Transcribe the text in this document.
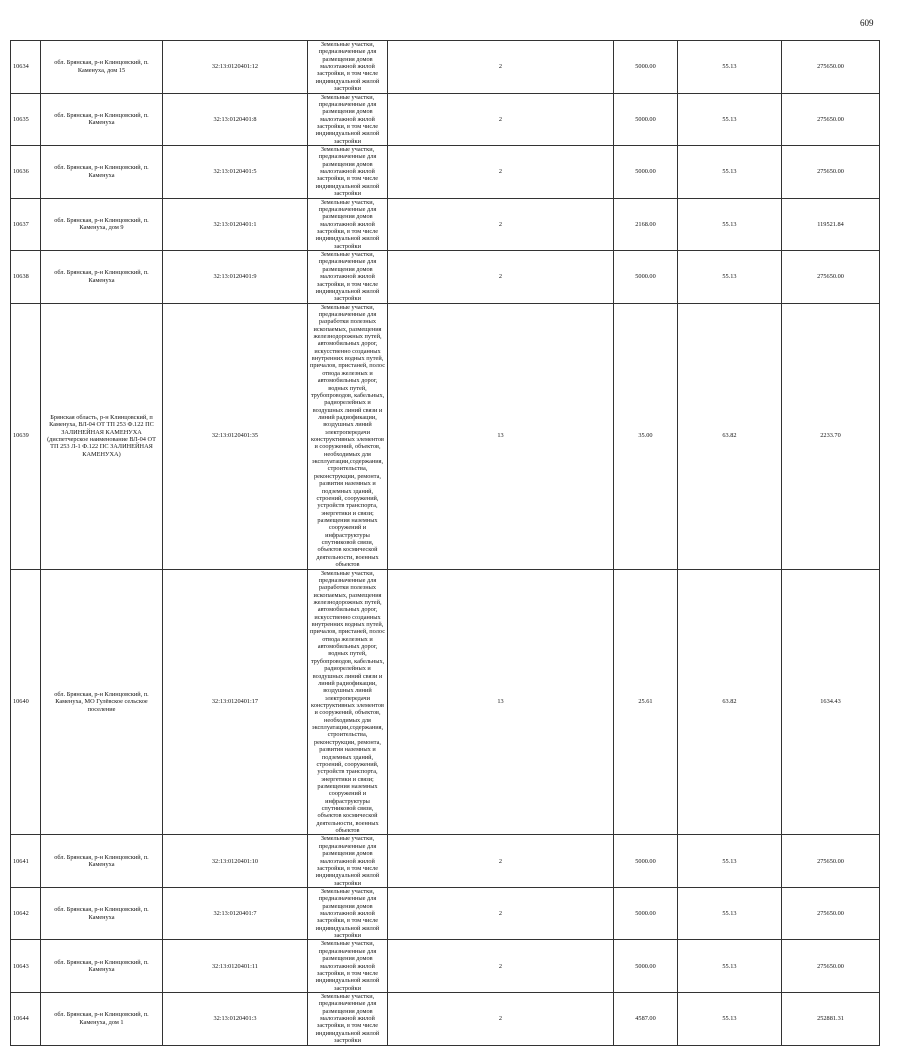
609
10634	обл. Брянская, р-н Клинцовский, п. Каменуха, дом 15	32:13:0120401:12	Земельные участки, предназначенные для размещения домов малоэтажной жилой застройки, в том числе индивидуальной жилой застройки	2	5000.00	55.13	275650.00
10635	обл. Брянская, р-н Клинцовский, п. Каменуха	32:13:0120401:8	Земельные участки, предназначенные для размещения домов малоэтажной жилой застройки, в том числе индивидуальной жилой застройки	2	5000.00	55.13	275650.00
10636	обл. Брянская, р-н Клинцовский, п. Каменуха	32:13:0120401:5	Земельные участки, предназначенные для размещения домов малоэтажной жилой застройки, в том числе индивидуальной жилой застройки	2	5000.00	55.13	275650.00
10637	обл. Брянская, р-н Клинцовский, п. Каменуха, дом 9	32:13:0120401:1	Земельные участки, предназначенные для размещения домов малоэтажной жилой застройки, в том числе индивидуальной жилой застройки	2	2168.00	55.13	119521.84
10638	обл. Брянская, р-н Клинцовский, п. Каменуха	32:13:0120401:9	Земельные участки, предназначенные для размещения домов малоэтажной жилой застройки, в том числе индивидуальной жилой застройки	2	5000.00	55.13	275650.00
10639	Брянская область, р-н Клинцовский, п Каменуха, ВЛ-04 ОТ ТП 253 Ф.122 ПС ЗАЛИНЕЙНАЯ КАМЕНУХА (диспетчерское наименование ВЛ-04 ОТ ТП 253 Л-1 Ф.122 ПС ЗАЛИНЕЙНАЯ КАМЕНУХА)	32:13:0120401:35	Земельные участки, предназначенные для разработки полезных ископаемых, размещения железнодорожных путей, автомобильных дорог, искусственно созданных внутренних водных путей, причалов, пристаней, полос отвода железных и автомобильных дорог, водных путей, трубопроводов, кабельных, радиорелейных и воздушных линий связи и линий радиофикации, воздушных линий электропередачи конструктивных элементов и сооружений, объектов, необходимых для эксплуатации,содержания, строительства, реконструкции, ремонта, развития наземных и подземных зданий, строений, сооружений, устройств транспорта, энергетики и связи; размещения наземных сооружений и инфраструктуры спутниковой связи, объектов космической деятельности, военных объектов	13	35.00	63.82	2233.70
10640	обл. Брянская, р-н Клинцовский, п. Каменуха, МО Гулёвское сельское поселение	32:13:0120401:17	Земельные участки, предназначенные для разработки полезных ископаемых, размещения железнодорожных путей, автомобильных дорог, искусственно созданных внутренних водных путей, причалов, пристаней, полос отвода железных и автомобильных дорог, водных путей, трубопроводов, кабельных, радиорелейных и воздушных линий связи и линий радиофикации, воздушных линий электропередачи конструктивных элементов и сооружений, объектов, необходимых для эксплуатации,содержания, строительства, реконструкции, ремонта, развития наземных и подземных зданий, строений, сооружений, устройств транспорта, энергетики и связи; размещения наземных сооружений и инфраструктуры спутниковой связи, объектов космической деятельности, военных объектов	13	25.61	63.82	1634.43
10641	обл. Брянская, р-н Клинцовский, п. Каменуха	32:13:0120401:10	Земельные участки, предназначенные для размещения домов малоэтажной жилой застройки, в том числе индивидуальной жилой застройки	2	5000.00	55.13	275650.00
10642	обл. Брянская, р-н Клинцовский, п. Каменуха	32:13:0120401:7	Земельные участки, предназначенные для размещения домов малоэтажной жилой застройки, в том числе индивидуальной жилой застройки	2	5000.00	55.13	275650.00
10643	обл. Брянская, р-н Клинцовский, п. Каменуха	32:13:0120401:11	Земельные участки, предназначенные для размещения домов малоэтажной жилой застройки, в том числе индивидуальной жилой застройки	2	5000.00	55.13	275650.00
10644	обл. Брянская, р-н Клинцовский, п. Каменуха, дом 1	32:13:0120401:3	Земельные участки, предназначенные для размещения домов малоэтажной жилой застройки, в том числе индивидуальной жилой застройки	2	4587.00	55.13	252881.31
